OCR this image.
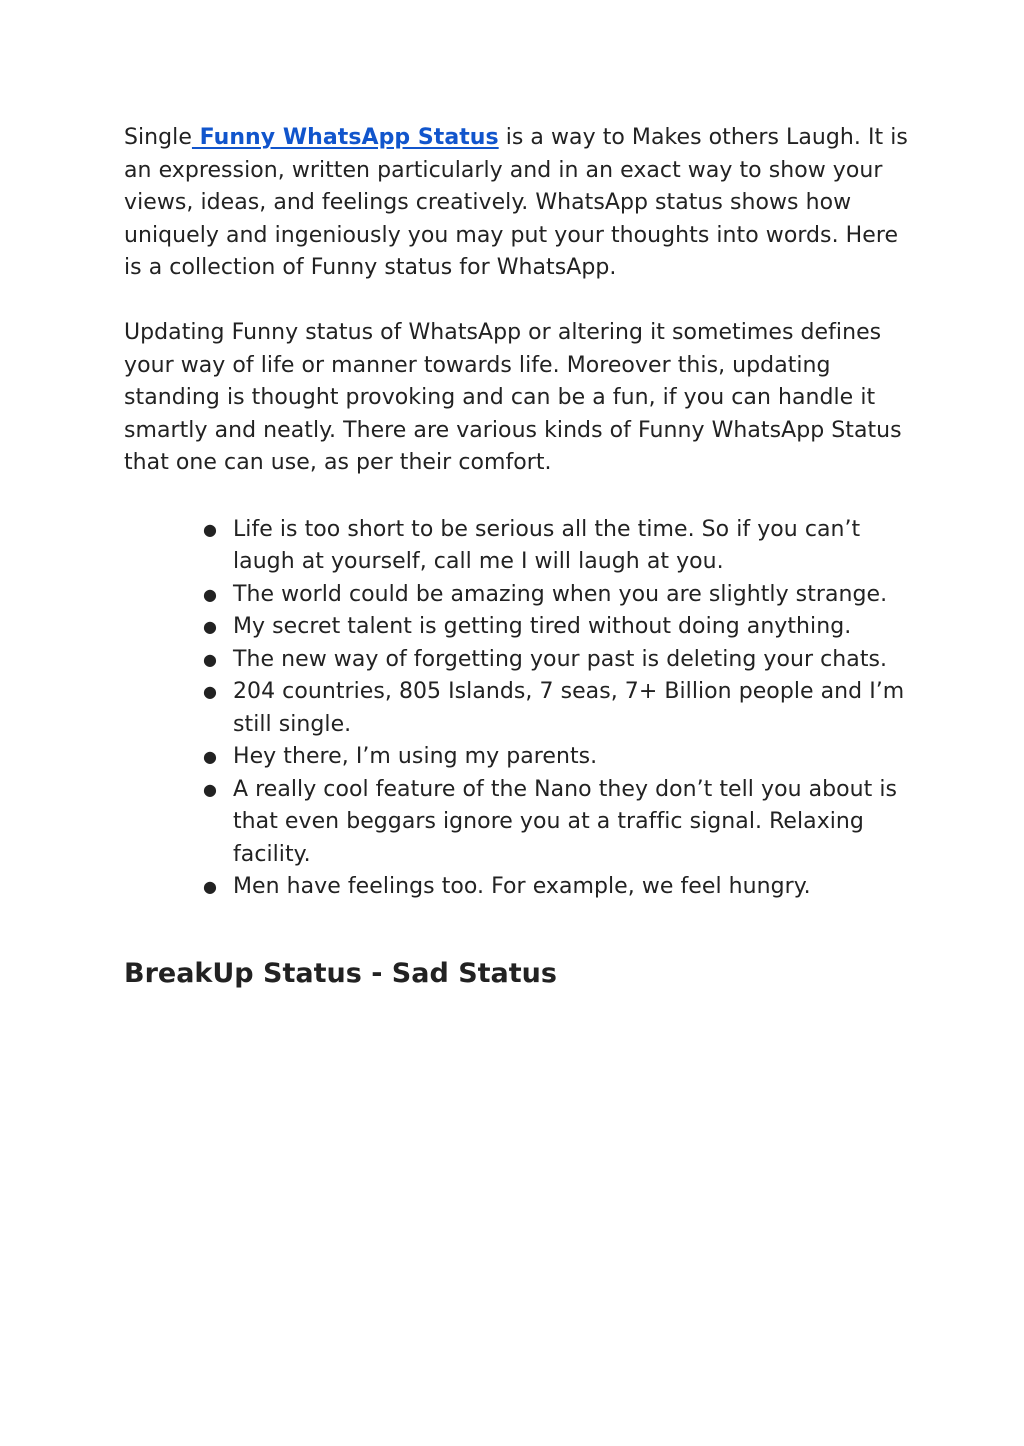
Single Funny WhatsApp Status is a way to Makes others Laugh. It is an expression, written particularly and in an exact way to show your views, ideas, and feelings creatively. WhatsApp status shows how uniquely and ingeniously you may put your thoughts into words. Here is a collection of Funny status for WhatsApp.

Updating Funny status of WhatsApp or altering it sometimes defines your way of life or manner towards life. Moreover this, updating standing is thought provoking and can be a fun, if you can handle it smartly and neatly. There are various kinds of Funny WhatsApp Status that one can use, as per their comfort.

● Life is too short to be serious all the time. So if you can’t laugh at yourself, call me I will laugh at you.
● The world could be amazing when you are slightly strange.
● My secret talent is getting tired without doing anything.
● The new way of forgetting your past is deleting your chats.
● 204 countries, 805 Islands, 7 seas, 7+ Billion people and I’m still single.
● Hey there, I’m using my parents.
● A really cool feature of the Nano they don’t tell you about is that even beggars ignore you at a traffic signal. Relaxing facility.
● Men have feelings too. For example, we feel hungry.
BreakUp Status - Sad Status
